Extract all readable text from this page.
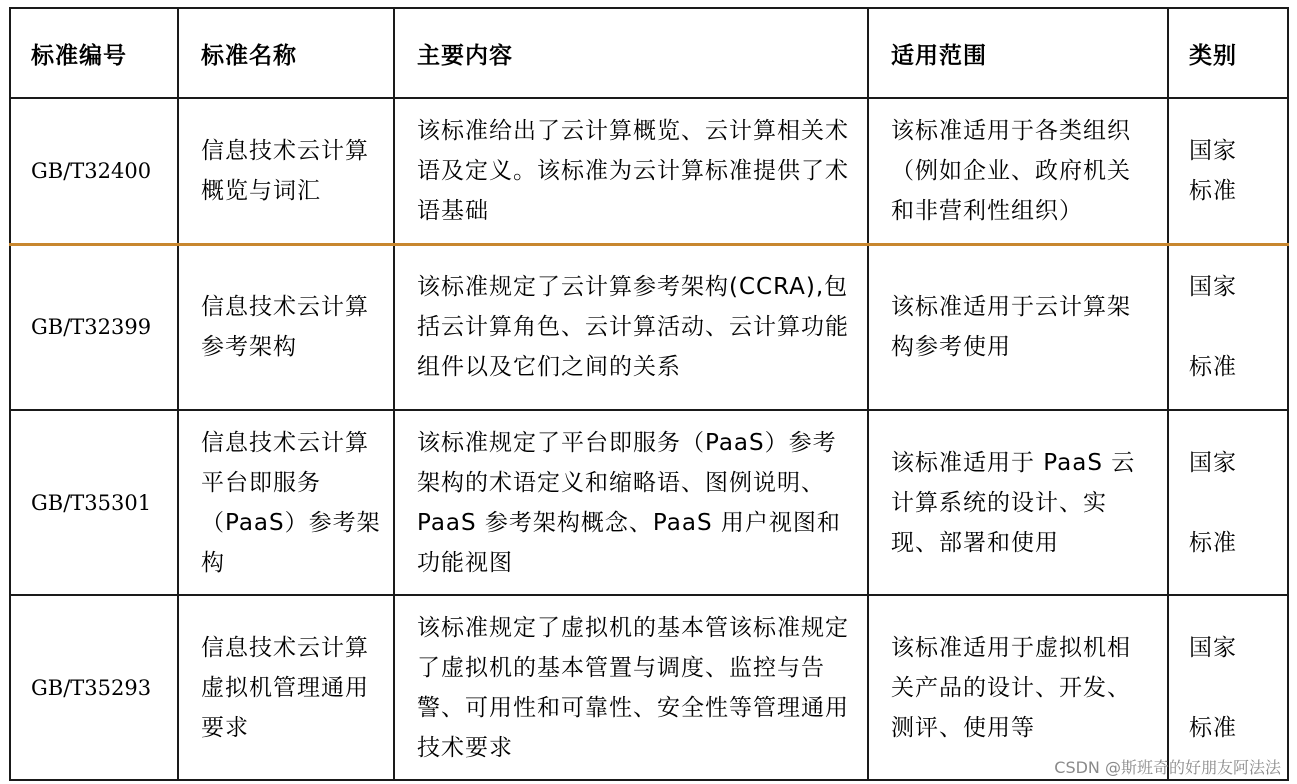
标准编号	标准名称	主要内容	适用范围	类别
GB/T32400	信息技术云计算概览与词汇	该标准给出了云计算概览、云计算相关术语及定义。该标准为云计算标准提供了术语基础	该标准适用于各类组织（例如企业、政府机关和非营利性组织）	国家
标准

GB/T32399	信息技术云计算参考架构	该标准规定了云计算参考架构(CCRA),包括云计算角色、云计算活动、云计算功能组件以及它们之间的关系	该标准适用于云计算架构参考使用	国家
标准

GB/T35301	信息技术云计算平台即服务（PaaS）参考架构	该标准规定了平台即服务（PaaS）参考架构的术语定义和缩略语、图例说明、PaaS 参考架构概念、PaaS 用户视图和功能视图	该标准适用于 PaaS 云计算系统的设计、实现、部署和使用	国家
标准

GB/T35293	信息技术云计算虚拟机管理通用要求	该标准规定了虚拟机的基本管该标准规定了虚拟机的基本管置与调度、监控与告警、可用性和可靠性、安全性等管理通用技术要求	该标准适用于虚拟机相关产品的设计、开发、测评、使用等	国家
标准
CSDN @斯班奇的好朋友阿法法
